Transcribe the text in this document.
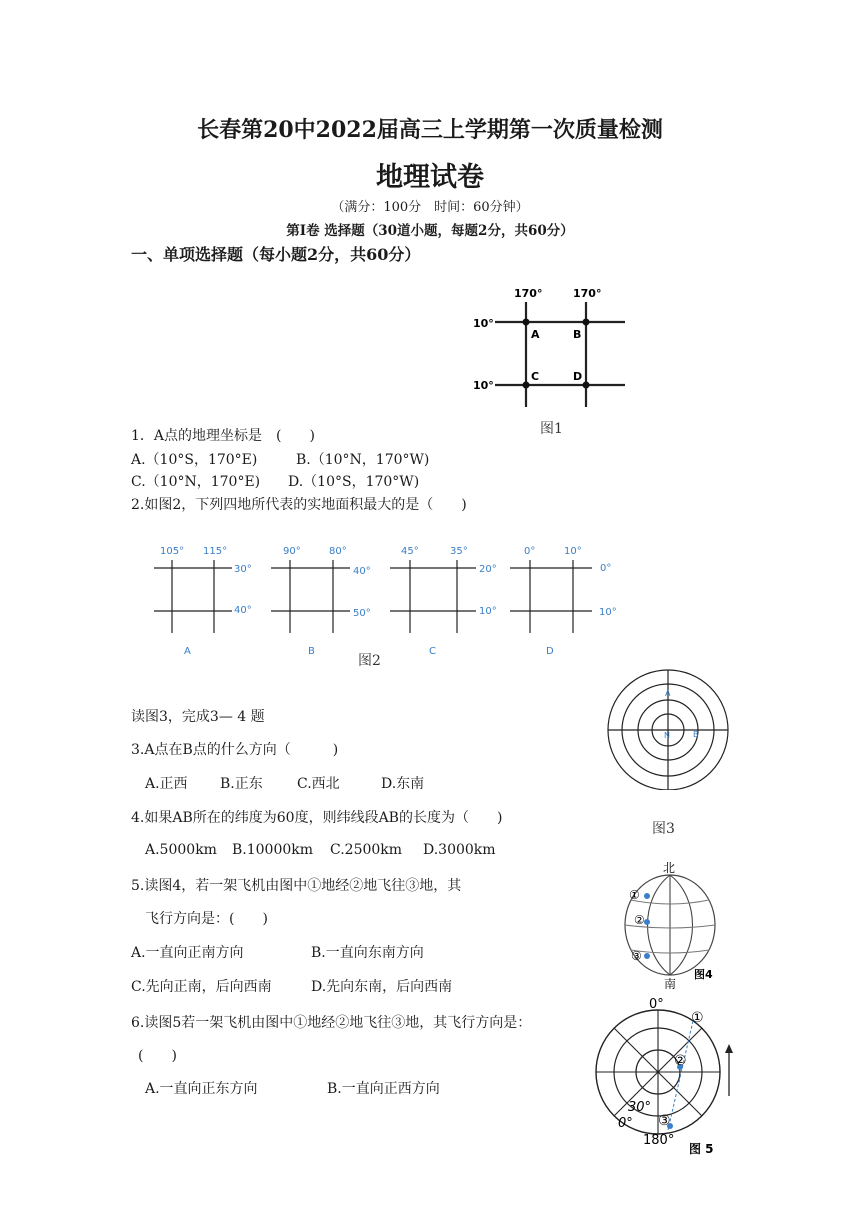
长春第20中2022届高三上学期第一次质量检测
地理试卷
（满分：100分　时间：60分钟）
第Ⅰ卷 选择题（30道小题，每题2分，共60分）
一、单项选择题（每小题2分，共60分）
170°	170°
10°
10°
A	B
C	D
图1
1．A点的地理坐标是　(　　)
A.（10°S，170°E)	B.（10°N，170°W)
C.（10°N，170°E) D.（10°S，170°W)
2.如图2，下列四地所代表的实地面积最大的是（　　)
105° 115°
30°
40°
A
90°	80°
40°
50°
B
45°	35°
20°
10°
C
0°	10°
0°
10°
D
图2
A
N	B
图3
读图3，完成3— 4 题
3.A点在B点的什么方向（　　　)
A.正西 B.正东 C.西北	D.东南
4.如果AB所在的纬度为60度，则纬线段AB的长度为（　　)
A.5000km B.10000km C.2500km D.3000km
北
①
②
③
南
图4
5.读图4，若一架飞机由图中①地经②地飞往③地，其
飞行方向是：(　　)
A.一直向正南方向	B.一直向东南方向
C.先向正南，后向西南	D.先向东南，后向西南
0°
①
②
③
30°
0°
180°
图 5
6.读图5若一架飞机由图中①地经②地飞往③地，其飞行方向是：
(　　)
A.一直向正东方向	B.一直向正西方向
